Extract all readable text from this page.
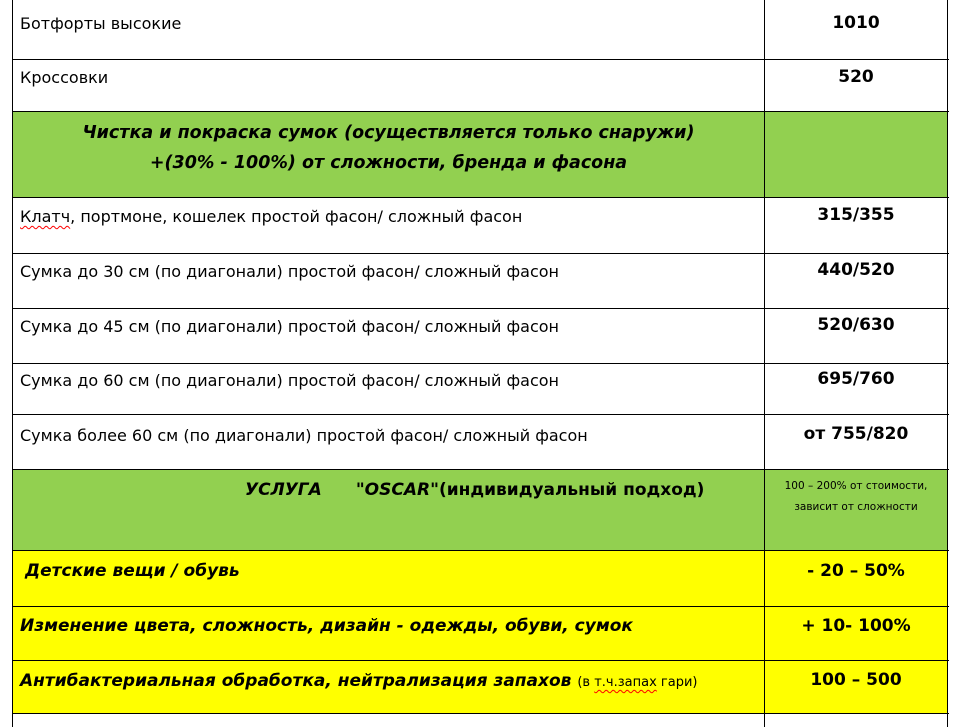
Ботфорты высокие	1010
Кроссовки	520
Чистка и покраска сумок (осуществляется только снаружи)
+(30% - 100%) от сложности, бренда и фасона
Клатч, портмоне, кошелек простой фасон/ сложный фасон	315/355
Сумка до 30 см (по диагонали) простой фасон/ сложный фасон	440/520
Сумка до 45 см (по диагонали) простой фасон/ сложный фасон	520/630
Сумка до 60 см (по диагонали) простой фасон/ сложный фасон	695/760
Сумка более 60 см (по диагонали) простой фасон/ сложный фасон	от 755/820
УСЛУГА "OSCAR"(индивидуальный подход)	100 – 200% от стоимости,
зависит от сложности
Детские вещи / обувь	- 20 – 50%
Изменение цвета, сложность, дизайн - одежды, обуви, сумок	+ 10- 100%
Антибактериальная обработка, нейтрализация запахов (в т.ч.запах гари)	100 – 500
